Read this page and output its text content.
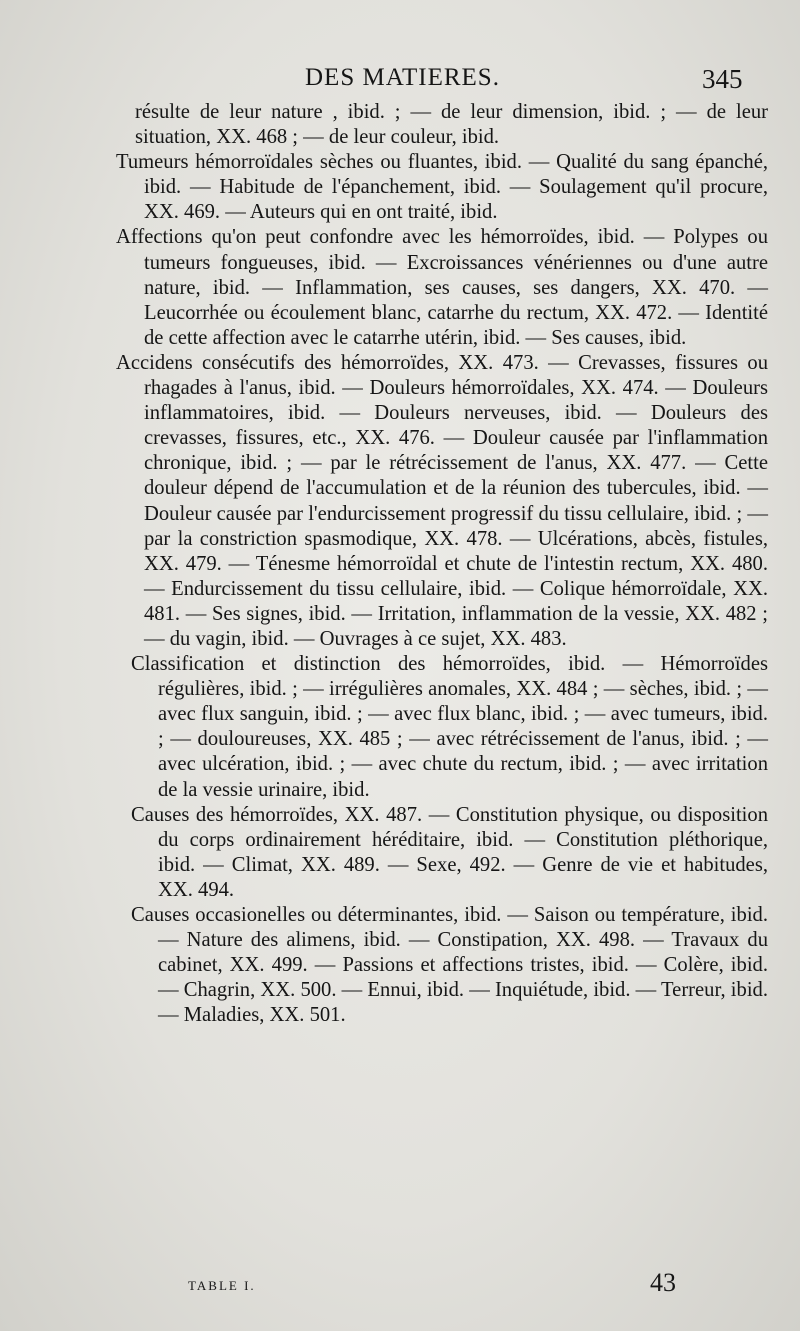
DES MATIERES.	345

résulte de leur nature , ibid. ; — de leur dimension, ibid. ; — de leur situation, XX. 468 ; — de leur couleur, ibid.

Tumeurs hémorroïdales sèches ou fluantes, ibid. — Qualité du sang épanché, ibid. — Habitude de l'épanchement, ibid. — Soulagement qu'il procure, XX. 469. — Auteurs qui en ont traité, ibid.

Affections qu'on peut confondre avec les hémorroïdes, ibid. — Polypes ou tumeurs fongueuses, ibid. — Excroissances vénériennes ou d'une autre nature, ibid. — Inflammation, ses causes, ses dangers, XX. 470. — Leucorrhée ou écoulement blanc, catarrhe du rectum, XX. 472. — Identité de cette affection avec le catarrhe utérin, ibid. — Ses causes, ibid.

Accidens consécutifs des hémorroïdes, XX. 473. — Crevasses, fissures ou rhagades à l'anus, ibid. — Douleurs hémorroïdales, XX. 474. — Douleurs inflammatoires, ibid. — Douleurs nerveuses, ibid. — Douleurs des crevasses, fissures, etc., XX. 476. — Douleur causée par l'inflammation chronique, ibid. ; — par le rétrécissement de l'anus, XX. 477. — Cette douleur dépend de l'accumulation et de la réunion des tubercules, ibid. — Douleur causée par l'endurcissement progressif du tissu cellulaire, ibid. ; — par la constriction spasmodique, XX. 478. — Ulcérations, abcès, fistules, XX. 479. — Ténesme hémorroïdal et chute de l'intestin rectum, XX. 480. — Endurcissement du tissu cellulaire, ibid. — Colique hémorroïdale, XX. 481. — Ses signes, ibid. — Irritation, inflammation de la vessie, XX. 482 ; — du vagin, ibid. — Ouvrages à ce sujet, XX. 483.

Classification et distinction des hémorroïdes, ibid. — Hémorroïdes régulières, ibid. ; — irrégulières anomales, XX. 484 ; — sèches, ibid. ; — avec flux sanguin, ibid. ; — avec flux blanc, ibid. ; — avec tumeurs, ibid. ; — douloureuses, XX. 485 ; — avec rétrécissement de l'anus, ibid. ; — avec ulcération, ibid. ; — avec chute du rectum, ibid. ; — avec irritation de la vessie urinaire, ibid.

Causes des hémorroïdes, XX. 487. — Constitution physique, ou disposition du corps ordinairement héréditaire, ibid. — Constitution pléthorique, ibid. — Climat, XX. 489. — Sexe, 492. — Genre de vie et habitudes, XX. 494.

Causes occasionelles ou déterminantes, ibid. — Saison ou température, ibid. — Nature des alimens, ibid. — Constipation, XX. 498. — Travaux du cabinet, XX. 499. — Passions et affections tristes, ibid. — Colère, ibid. — Chagrin, XX. 500. — Ennui, ibid. — Inquiétude, ibid. — Terreur, ibid. — Maladies, XX. 501.

TABLE I.	43
